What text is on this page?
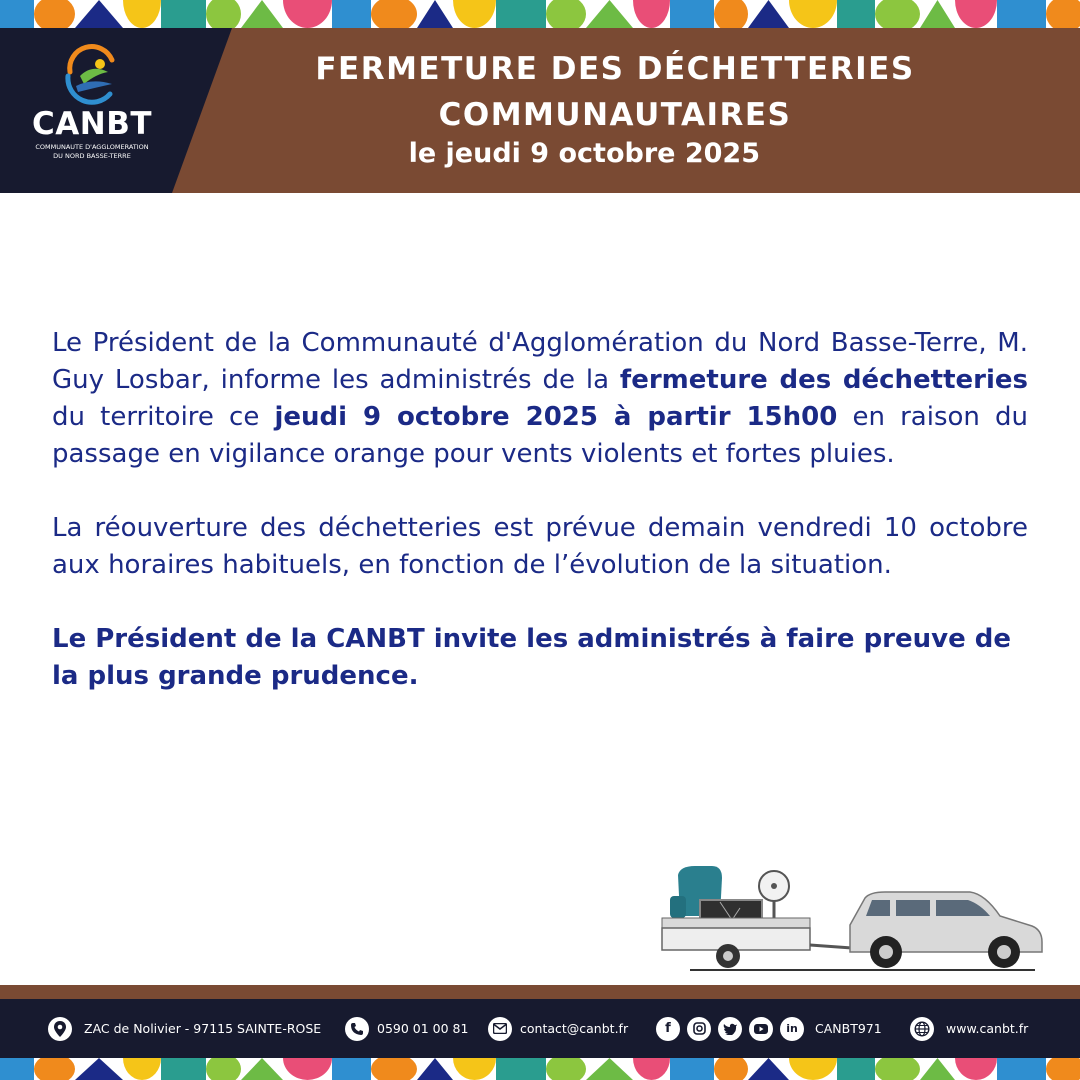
CANBT
COMMUNAUTE D'AGGLOMERATION
DU NORD BASSE-TERRE
FERMETURE DES DÉCHETTERIES
COMMUNAUTAIRES
le jeudi 9 octobre 2025

Le Président de la Communauté d'Agglomération du Nord Basse-Terre, M. Guy Losbar, informe les administrés de la fermeture des déchetteries du territoire ce jeudi 9 octobre 2025 à partir 15h00 en raison du passage en vigilance orange pour vents violents et fortes pluies.

La réouverture des déchetteries est prévue demain vendredi 10 octobre aux horaires habituels, en fonction de l’évolution de la situation.

Le Président de la CANBT invite les administrés à faire preuve de la plus grande prudence.

ZAC de Nolivier - 97115 SAINTE-ROSE	0590 01 00 81	contact@canbt.fr	f	in	CANBT971	www.canbt.fr
